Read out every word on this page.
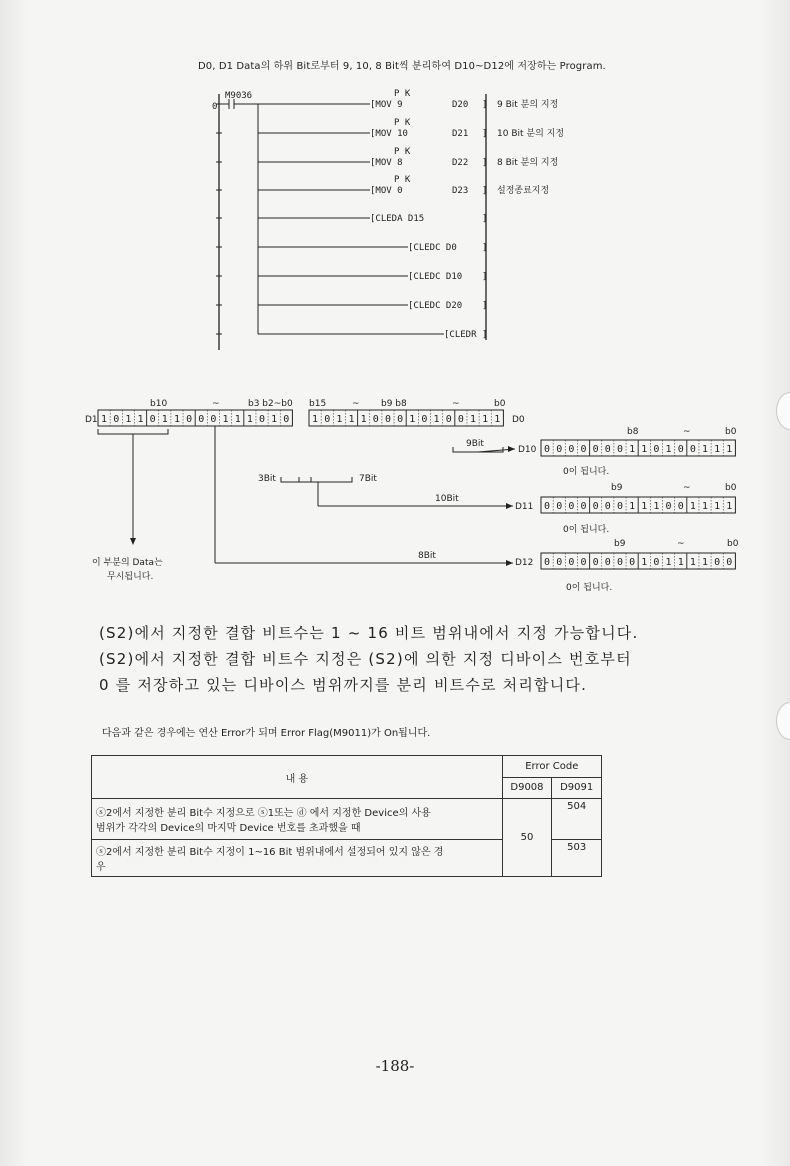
D0, D1 Data의 하위 Bit로부터 9, 10, 8 Bit씩 분리하여 D10~D12에 저장하는 Program.
0
M9036	P K
[MOV 9	D20 ] 9 Bit 분의 지정
P K
[MOV 10	D21 ] 10 Bit 분의 지정
P K
[MOV 8	D22 ] 8 Bit 분의 지정
P K
[MOV 0	D23 ] 설정종료지정
[CLEDA D15	]
[CLEDC D0	]
[CLEDC D10 ]
[CLEDC D20 ]
[CLEDR ]
1 0 1 1 0 1 1 0 0 0 1 1 1 0 1 0 1 0 1 1 1 0 0 0 1 0 1 0 0 1 1 1
D1	D0
b10	~	b3 b2~b0 b15	~ b9 b8	~	b0
0 0 0 0 0 0 0 1 1 0 1 0 0 1 1 1
0 0 0 0 0 0 0 1 1 1 0 0 1 1 1 1
0 0 0 0 0 0 0 0 1 0 1 1 1 1 0 0
D10
D11
D12
b8	~	b0
b9	~	b0
b9	~	b0
0이 됩니다.
0이 됩니다.
0이 됩니다.
9Bit
3Bit	7Bit
10Bit
8Bit
이 부분의 Data는
무시됩니다.
(S2)에서 지정한 결합 비트수는 1 ~ 16 비트 범위내에서 지정 가능합니다.
(S2)에서 지정한 결합 비트수 지정은 (S2)에 의한 지정 디바이스 번호부터
0 를 저장하고 있는 디바이스 범위까지를 분리 비트수로 처리합니다.
다음과 같은 경우에는 연산 Error가 되며 Error Flag(M9011)가 On됩니다.
내 용	Error Code	
	D9008	D9091

ⓢ2에서 지정한 분리 Bit수 지정으로 ⓢ1또는 ⓓ 에서 지정한 Device의 사용
범위가 각각의 Device의 마지막 Device 번호를 초과했을 때	50	504

ⓢ2에서 지정한 분리 Bit수 지정이 1~16 Bit 범위내에서 설정되어 있지 않은 경
우		503
-188-
